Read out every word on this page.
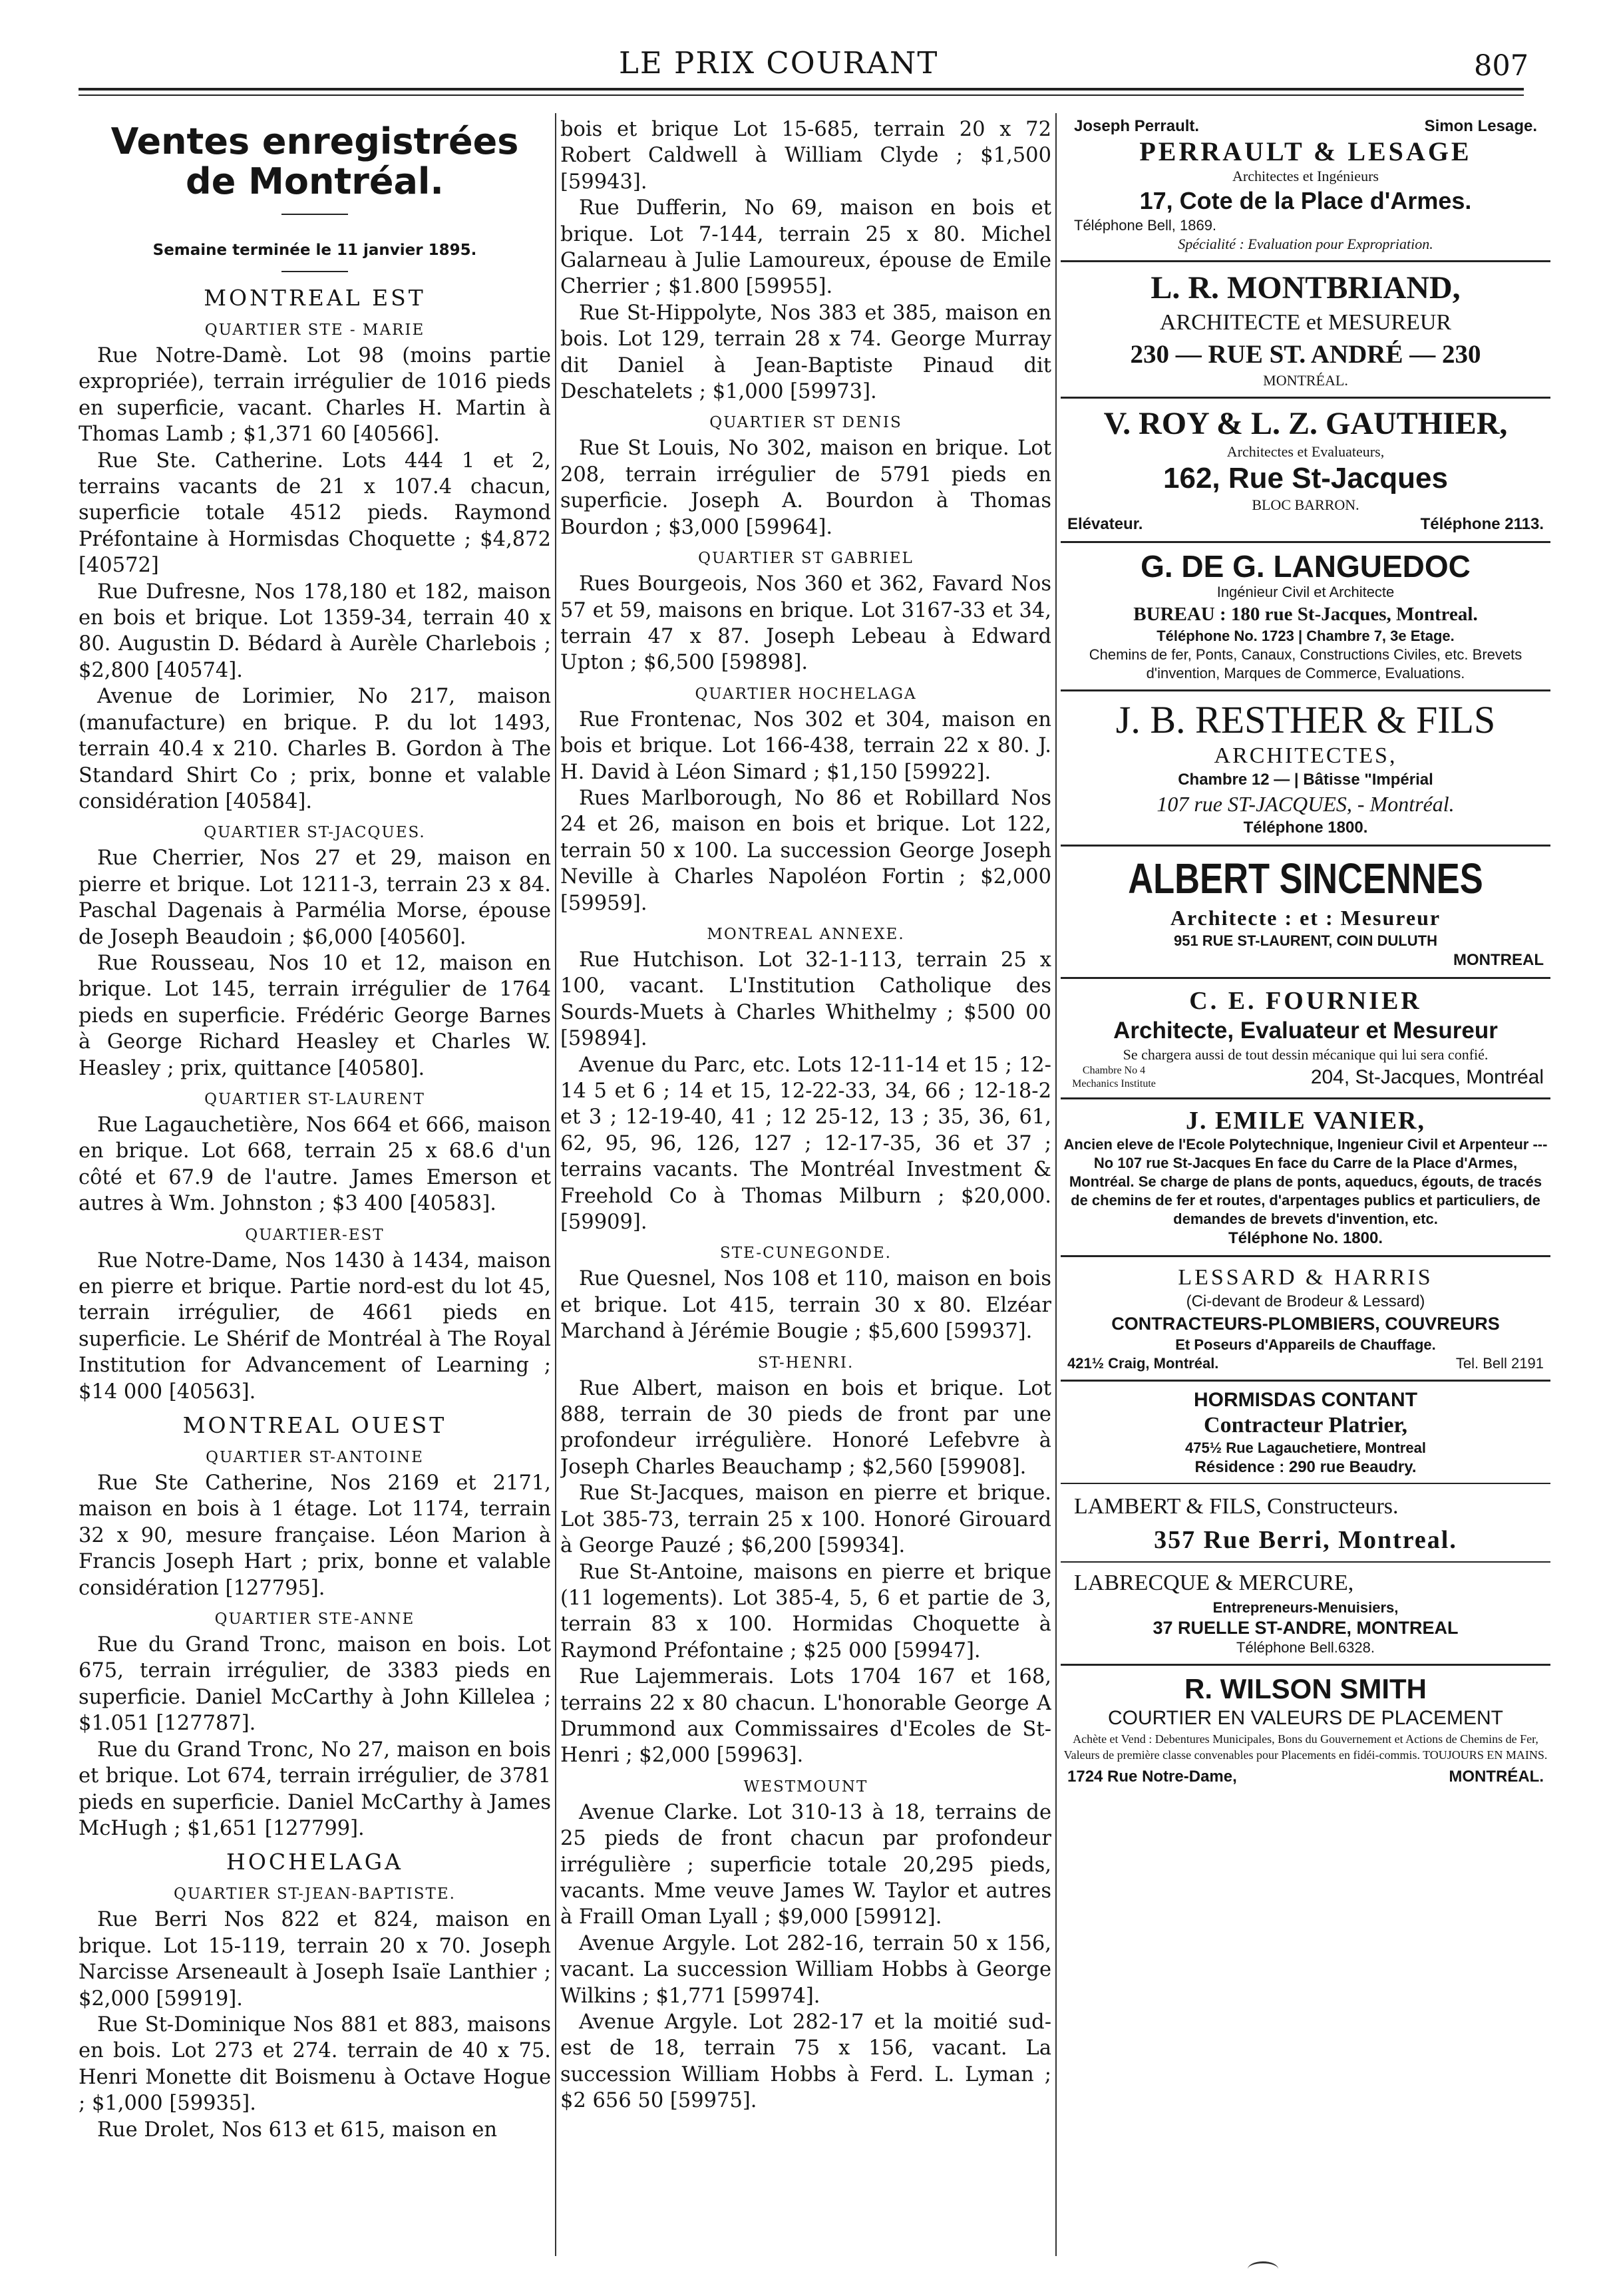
LE PRIX COURANT	807

Ventes enregistrées

de Montréal.

Semaine terminée le 11 janvier 1895.

MONTREAL EST

QUARTIER STE - MARIE

Rue Notre-Damè. Lot 98 (moins partie expropriée), terrain irrégulier de 1016 pieds en superficie, vacant. Charles H. Martin à Thomas Lamb ; $1,371 60 [40566].

Rue Ste. Catherine. Lots 444 1 et 2, terrains vacants de 21 x 107.4 chacun, superficie totale 4512 pieds. Raymond Préfontaine à Hormisdas Choquette ; $4,872 [40572]

Rue Dufresne, Nos 178,180 et 182, maison en bois et brique. Lot 1359-34, terrain 40 x 80. Augustin D. Bédard à Aurèle Charlebois ; $2,800 [40574].

Avenue de Lorimier, No 217, maison (manufacture) en brique. P. du lot 1493, terrain 40.4 x 210. Charles B. Gordon à The Standard Shirt Co ; prix, bonne et valable considération [40584].

QUARTIER ST-JACQUES.

Rue Cherrier, Nos 27 et 29, maison en pierre et brique. Lot 1211-3, terrain 23 x 84. Paschal Dagenais à Parmélia Morse, épouse de Joseph Beaudoin ; $6,000 [40560].

Rue Rousseau, Nos 10 et 12, maison en brique. Lot 145, terrain irrégulier de 1764 pieds en superficie. Frédéric George Barnes à George Richard Heasley et Charles W. Heasley ; prix, quittance [40580].

QUARTIER ST-LAURENT

Rue Lagauchetière, Nos 664 et 666, maison en brique. Lot 668, terrain 25 x 68.6 d'un côté et 67.9 de l'autre. James Emerson et autres à Wm. Johnston ; $3 400 [40583].

QUARTIER-EST

Rue Notre-Dame, Nos 1430 à 1434, maison en pierre et brique. Partie nord-est du lot 45, terrain irrégulier, de 4661 pieds en superficie. Le Shérif de Montréal à The Royal Institution for Advancement of Learning ; $14 000 [40563].

MONTREAL OUEST

QUARTIER ST-ANTOINE

Rue Ste Catherine, Nos 2169 et 2171, maison en bois à 1 étage. Lot 1174, terrain 32 x 90, mesure française. Léon Marion à Francis Joseph Hart ; prix, bonne et valable considération [127795].

QUARTIER STE-ANNE

Rue du Grand Tronc, maison en bois. Lot 675, terrain irrégulier, de 3383 pieds en superficie. Daniel McCarthy à John Killelea ; $1.051 [127787].

Rue du Grand Tronc, No 27, maison en bois et brique. Lot 674, terrain irrégulier, de 3781 pieds en superficie. Daniel McCarthy à James McHugh ; $1,651 [127799].

HOCHELAGA

QUARTIER ST-JEAN-BAPTISTE.

Rue Berri Nos 822 et 824, maison en brique. Lot 15-119, terrain 20 x 70. Joseph Narcisse Arseneault à Joseph Isaïe Lanthier ; $2,000 [59919].

Rue St-Dominique Nos 881 et 883, maisons en bois. Lot 273 et 274. terrain de 40 x 75. Henri Monette dit Boismenu à Octave Hogue ; $1,000 [59935].

Rue Drolet, Nos 613 et 615, maison en

bois et brique Lot 15-685, terrain 20 x 72 Robert Caldwell à William Clyde ; $1,500 [59943].

Rue Dufferin, No 69, maison en bois et brique. Lot 7-144, terrain 25 x 80. Michel Galarneau à Julie Lamoureux, épouse de Emile Cherrier ; $1.800 [59955].

Rue St-Hippolyte, Nos 383 et 385, maison en bois. Lot 129, terrain 28 x 74. George Murray dit Daniel à Jean-Baptiste Pinaud dit Deschatelets ; $1,000 [59973].

QUARTIER ST DENIS

Rue St Louis, No 302, maison en brique. Lot 208, terrain irrégulier de 5791 pieds en superficie. Joseph A. Bourdon à Thomas Bourdon ; $3,000 [59964].

QUARTIER ST GABRIEL

Rues Bourgeois, Nos 360 et 362, Favard Nos 57 et 59, maisons en brique. Lot 3167-33 et 34, terrain 47 x 87. Joseph Lebeau à Edward Upton ; $6,500 [59898].

QUARTIER HOCHELAGA

Rue Frontenac, Nos 302 et 304, maison en bois et brique. Lot 166-438, terrain 22 x 80. J. H. David à Léon Simard ; $1,150 [59922].

Rues Marlborough, No 86 et Robillard Nos 24 et 26, maison en bois et brique. Lot 122, terrain 50 x 100. La succession George Joseph Neville à Charles Napoléon Fortin ; $2,000 [59959].

MONTREAL ANNEXE.

Rue Hutchison. Lot 32-1-113, terrain 25 x 100, vacant. L'Institution Catholique des Sourds-Muets à Charles Whithelmy ; $500 00 [59894].

Avenue du Parc, etc. Lots 12-11-14 et 15 ; 12-14 5 et 6 ; 14 et 15, 12-22-33, 34, 66 ; 12-18-2 et 3 ; 12-19-40, 41 ; 12 25-12, 13 ; 35, 36, 61, 62, 95, 96, 126, 127 ; 12-17-35, 36 et 37 ; terrains vacants. The Montréal Investment & Freehold Co à Thomas Milburn ; $20,000. [59909].

STE-CUNEGONDE.

Rue Quesnel, Nos 108 et 110, maison en bois et brique. Lot 415, terrain 30 x 80. Elzéar Marchand à Jérémie Bougie ; $5,600 [59937].

ST-HENRI.

Rue Albert, maison en bois et brique. Lot 888, terrain de 30 pieds de front par une profondeur irrégulière. Honoré Lefebvre à Joseph Charles Beauchamp ; $2,560 [59908].

Rue St-Jacques, maison en pierre et brique. Lot 385-73, terrain 25 x 100. Honoré Girouard à George Pauzé ; $6,200 [59934].

Rue St-Antoine, maisons en pierre et brique (11 logements). Lot 385-4, 5, 6 et partie de 3, terrain 83 x 100. Hormidas Choquette à Raymond Préfontaine ; $25 000 [59947].

Rue Lajemmerais. Lots 1704 167 et 168, terrains 22 x 80 chacun. L'honorable George A Drummond aux Commissaires d'Ecoles de St-Henri ; $2,000 [59963].

WESTMOUNT

Avenue Clarke. Lot 310-13 à 18, terrains de 25 pieds de front chacun par profondeur irrégulière ; superficie totale 20,295 pieds, vacants. Mme veuve James W. Taylor et autres à Fraill Oman Lyall ; $9,000 [59912].

Avenue Argyle. Lot 282-16, terrain 50 x 156, vacant. La succession William Hobbs à George Wilkins ; $1,771 [59974].

Avenue Argyle. Lot 282-17 et la moitié sud-est de 18, terrain 75 x 156, vacant. La succession William Hobbs à Ferd. L. Lyman ; $2 656 50 [59975].

Joseph Perrault.	Simon Lesage.

PERRAULT & LESAGE

Architectes et Ingénieurs

17, Cote de la Place d'Armes.

Téléphone Bell, 1869.

Spécialité : Evaluation pour Expropriation.

L. R. MONTBRIAND,

ARCHITECTE et MESUREUR

230 — RUE ST. ANDRÉ — 230

MONTRÉAL.

V. ROY & L. Z. GAUTHIER,

Architectes et Evaluateurs,

162, Rue St-Jacques

BLOC BARRON.

Elévateur.	Téléphone 2113.

G. DE G. LANGUEDOC

Ingénieur Civil et Architecte

BUREAU : 180 rue St-Jacques, Montreal.

Téléphone No. 1723 | Chambre 7, 3e Etage.

Chemins de fer, Ponts, Canaux, Constructions Civiles, etc. Brevets d'invention, Marques de Commerce, Evaluations.

J. B. RESTHER & FILS

ARCHITECTES,

Chambre 12 — | Bâtisse "Impérial

107 rue ST-JACQUES, - Montréal.

Téléphone 1800.

ALBERT SINCENNES

Architecte : et : Mesureur

951 RUE ST-LAURENT, COIN DULUTH

MONTREAL

C. E. FOURNIER

Architecte, Evaluateur et Mesureur

Se chargera aussi de tout dessin mécanique qui lui sera confié.

Chambre No 4 Mechanics Institute	204, St-Jacques, Montréal

J. EMILE VANIER,

Ancien eleve de l'Ecole Polytechnique, Ingenieur Civil et Arpenteur --- No 107 rue St-Jacques En face du Carre de la Place d'Armes, Montréal. Se charge de plans de ponts, aqueducs, égouts, de tracés de chemins de fer et routes, d'arpentages publics et particuliers, de demandes de brevets d'invention, etc.

Téléphone No. 1800.

LESSARD & HARRIS

(Ci-devant de Brodeur & Lessard)

CONTRACTEURS-PLOMBIERS, COUVREURS

Et Poseurs d'Appareils de Chauffage.

421½ Craig, Montréal.	Tel. Bell 2191

HORMISDAS CONTANT

Contracteur Platrier,

475½ Rue Lagauchetiere, Montreal

Résidence : 290 rue Beaudry.

LAMBERT & FILS, Constructeurs.

357 Rue Berri, Montreal.

LABRECQUE & MERCURE,

Entrepreneurs-Menuisiers,

37 RUELLE ST-ANDRE, MONTREAL

Téléphone Bell.6328.

R. WILSON SMITH

COURTIER EN VALEURS DE PLACEMENT

Achète et Vend : Debentures Municipales, Bons du Gouvernement et Actions de Chemins de Fer, Valeurs de première classe convenables pour Placements en fidéi-commis. TOUJOURS EN MAINS.

1724 Rue Notre-Dame,	MONTRÉAL.
